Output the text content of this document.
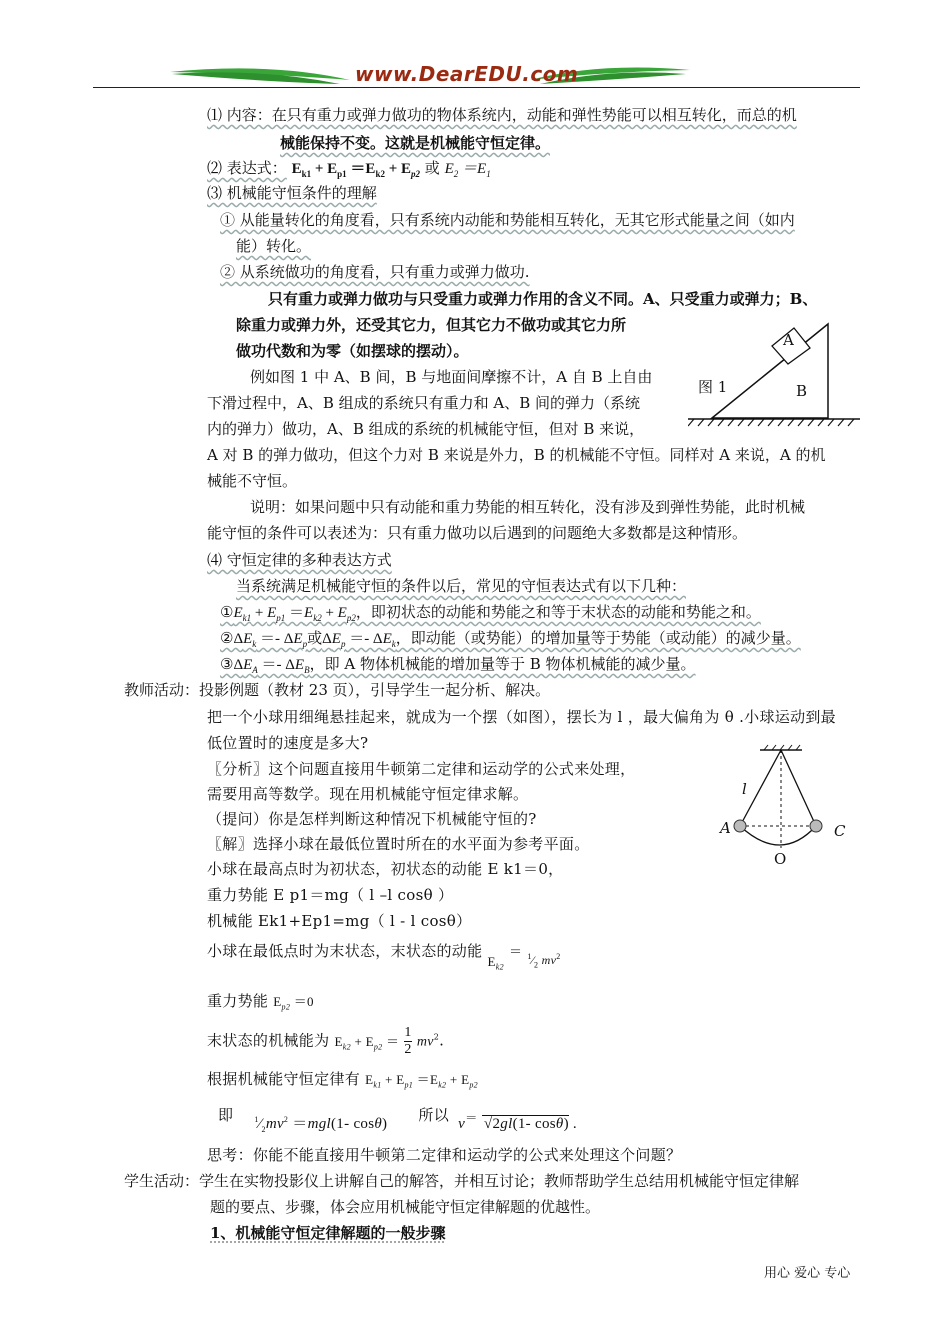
www.DearEDU.com
⑴ 内容：在只有重力或弹力做功的物体系统内，动能和弹性势能可以相互转化，而总的机
械能保持不变。这就是机械能守恒定律。
⑵ 表达式： $E_{k1} + E_{p1} =E_{k2} + E_{p2}$ 或 $E_2 =E_1$
⑶ 机械能守恒条件的理解
① 从能量转化的角度看，只有系统内动能和势能相互转化，无其它形式能量之间（如内
能）转化。
② 从系统做功的角度看，只有重力或弹力做功.
只有重力或弹力做功与只受重力或弹力作用的含义不同。A、只受重力或弹力；B、
除重力或弹力外，还受其它力，但其它力不做功或其它力所
做功代数和为零（如摆球的摆动）。
例如图 1 中 A、B 间，B 与地面间摩擦不计，A 自 B 上自由
下滑过程中，A、B 组成的系统只有重力和 A、B 间的弹力（系统
内的弹力）做功，A、B 组成的系统的机械能守恒，但对 B 来说，
A 对 B 的弹力做功，但这个力对 B 来说是外力，B 的机械能不守恒。同样对 A 来说，A 的机
械能不守恒。
A
B
图 1
说明：如果问题中只有动能和重力势能的相互转化，没有涉及到弹性势能，此时机械
能守恒的条件可以表述为：只有重力做功以后遇到的问题绝大多数都是这种情形。
⑷ 守恒定律的多种表达方式
当系统满足机械能守恒的条件以后，常见的守恒表达式有以下几种：
$①E_{k1} + E_{p1} =E_{k2} + E_{p2}$，即初状态的动能和势能之和等于末状态的动能和势能之和。
$②\Delta E_k =- \Delta E_p$或$\Delta E_p =- \Delta E_k$，即动能（或势能）的增加量等于势能（或动能）的减少量。
$③\Delta E_A =- \Delta E_B$，即 A 物体机械能的增加量等于 B 物体机械能的减少量。
教师活动：投影例题（教材 23 页），引导学生一起分析、解决。
把一个小球用细绳悬挂起来，就成为一个摆（如图），摆长为 l ，最大偏角为 θ .小球运动到最
低位置时的速度是多大?
〖分析〗这个问题直接用牛顿第二定律和运动学的公式来处理，
需要用高等数学。现在用机械能守恒定律求解。
（提问）你是怎样判断这种情况下机械能守恒的?
〖解〗选择小球在最低位置时所在的水平面为参考平面。
小球在最高点时为初状态，初状态的动能 E k1＝0，
重力势能 E p1＝mg（ l –l cosθ ）
机械能 Ek1+Ep1=mg（ l - l cosθ）
l
A	C
O
小球在最低点时为末状态，末状态的动能 $E_{k2} = _{^1⁄_2 mv^2}$
重力势能 $E_{p2} =0$
末状态的机械能为 $E_{k2} + E_{p2} = \frac{1}{2} mv^2$.
根据机械能守恒定律有 $E_{k1} + E_{p1} =E_{k2} + E_{p2}$
即	$^1⁄_2mv^2 =mgl(1-$ cosθ) 所以 v＝ √2gl(1- cosθ) .
思考：你能不能直接用牛顿第二定律和运动学的公式来处理这个问题？
学生活动：学生在实物投影仪上讲解自己的解答，并相互讨论；教师帮助学生总结用机械能守恒定律解
题的要点、步骤，体会应用机械能守恒定律解题的优越性。
1、机械能守恒定律解题的一般步骤
用心 爱心 专心
